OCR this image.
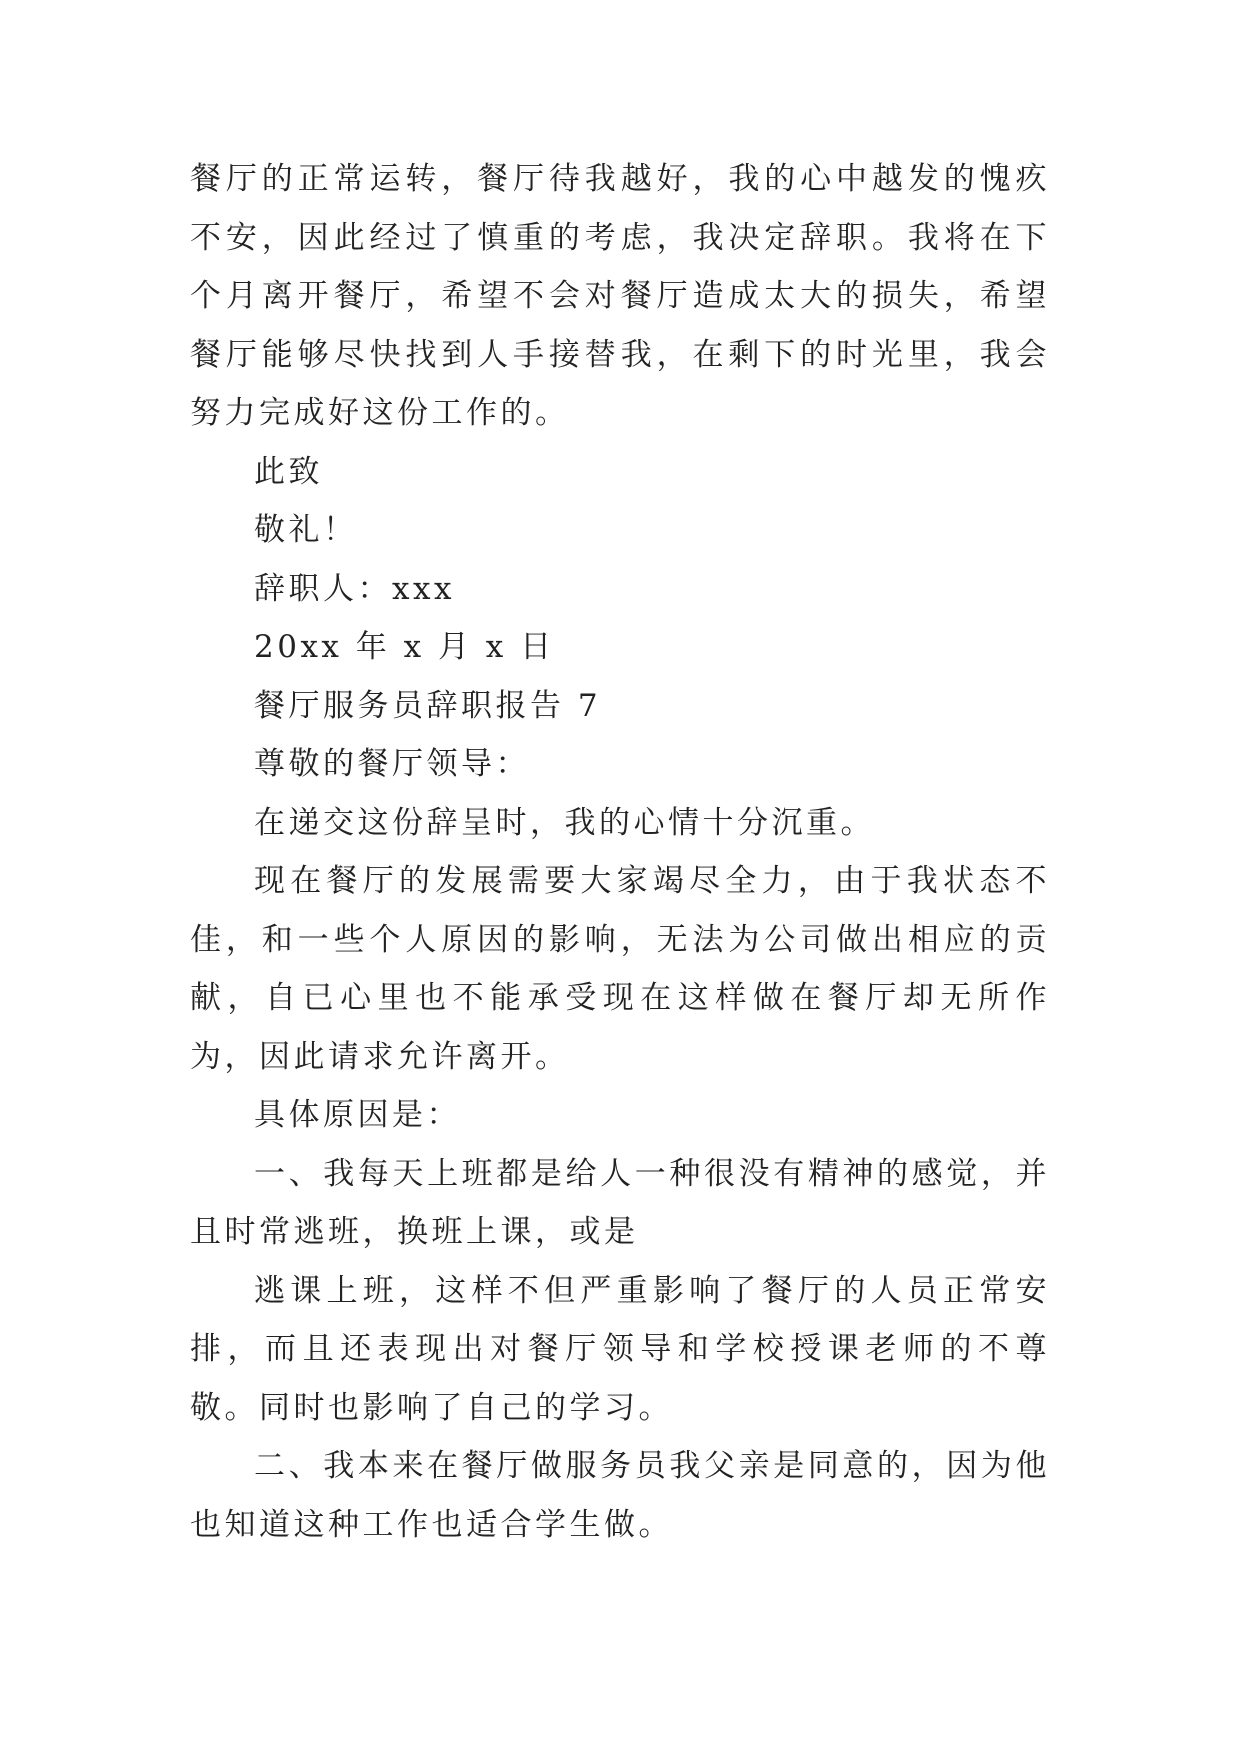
餐厅的正常运转，餐厅待我越好，我的心中越发的愧疚不安，因此经过了慎重的考虑，我决定辞职。我将在下个月离开餐厅，希望不会对餐厅造成太大的损失，希望餐厅能够尽快找到人手接替我，在剩下的时光里，我会努力完成好这份工作的。

此致

敬礼！

辞职人：xxx

20xx 年 x 月 x 日

餐厅服务员辞职报告 7

尊敬的餐厅领导：

在递交这份辞呈时，我的心情十分沉重。

现在餐厅的发展需要大家竭尽全力，由于我状态不佳，和一些个人原因的影响，无法为公司做出相应的贡献，自已心里也不能承受现在这样做在餐厅却无所作为，因此请求允许离开。

具体原因是：

一、我每天上班都是给人一种很没有精神的感觉，并且时常逃班，换班上课，或是

逃课上班，这样不但严重影响了餐厅的人员正常安排，而且还表现出对餐厅领导和学校授课老师的不尊敬。同时也影响了自己的学习。

二、我本来在餐厅做服务员我父亲是同意的，因为他也知道这种工作也适合学生做。
